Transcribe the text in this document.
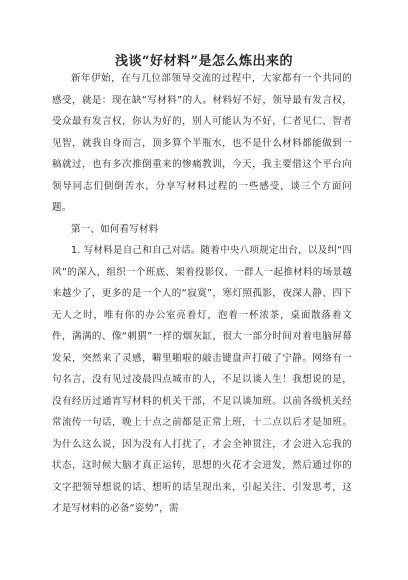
浅谈“好材料”是怎么炼出来的

新年伊始，在与几位部领导交流的过程中，大家都有一个共同的感受，就是：现在缺“写材料”的人。材料好不好，领导最有发言权，受众最有发言权，你认为好的，别人可能认为不好，仁者见仁、智者见智，就我自身而言，顶多算个半瓶水，也不是什么材料都能做到一稿就过，也有多次推倒重来的惨痛教训，今天，我主要借这个平台向领导同志们倒倒苦水，分享写材料过程的一些感受，谈三个方面问题。

第一、如何看写材料

1. 写材料是自己和自己对话。随着中央八项规定出台，以及纠“四风”的深入，组织一个班底、架着投影仪、一群人一起推材料的场景越来越少了，更多的是一个人的“寂寞”，寒灯照孤影，夜深人静、四下无人之时，唯有你的办公室亮着灯，泡着一杯浓茶，桌面散落着文件，满满的、像“刺猬”一样的烟灰缸，很大一部分时间对着电脑屏幕发呆，突然来了灵感，噼里啪啦的敲击键盘声打破了宁静。网络有一句名言，没有见过凌晨四点城市的人，不足以谈人生！我想说的是，没有经历过通宵写材料的机关干部，不足以谈加班。以前各级机关经常流传一句话，晚上十点之前都是正常上班，十二点以后才是加班。为什么这么说，因为没有人打扰了，才会全神贯注，才会进入忘我的状态，这时候大脑才真正运转，思想的火花才会迸发，然后通过你的文字把领导想说的话、想听的话呈现出来，引起关注、引发思考，这才是写材料的必备“姿势”，需
